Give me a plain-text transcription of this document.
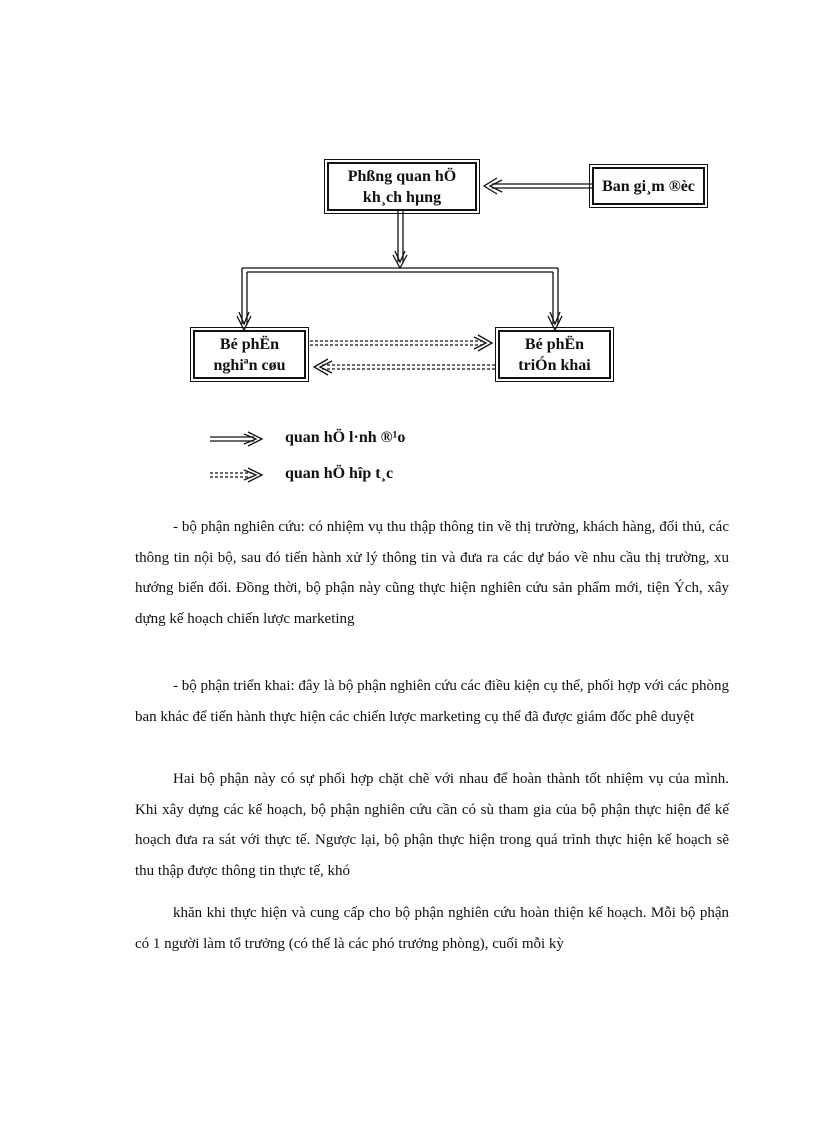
Phßng quan hÖ
kh¸ch hµng
Ban gi¸m ®èc
Bé phËn
nghiªn cøu
Bé phËn
triÓn khai
quan hÖ l·nh ®¹o
quan hÖ hîp t¸c

- bộ phận nghiên cứu: có nhiệm vụ thu thập thông tin về thị trường, khách hàng, đối thủ, các thông tin nội bộ, sau đó tiến hành xử lý thông tin và đưa ra các dự báo về nhu cầu thị trường, xu hướng biến đổi. Đồng thời, bộ phận này cũng thực hiện nghiên cứu sản phẩm mới, tiện Ých, xây dựng kế hoạch chiến lược marketing

- bộ phận triển khai: đây là bộ phận nghiên cứu các điều kiện cụ thể, phối hợp với các phòng ban khác để tiến hành thực hiện các chiến lược marketing cụ thể đã được giám đốc phê duyệt

Hai bộ phận này có sự phối hợp chặt chẽ với nhau để hoàn thành tốt nhiệm vụ của mình. Khi xây dựng các kế hoạch, bộ phận nghiên cứu cần có sù tham gia của bộ phận thực hiện để kế hoạch đưa ra sát với thực tế. Ngược lại, bộ phận thực hiện trong quá trình thực hiện kế hoạch sẽ thu thập được thông tin thực tế, khó

khăn khi thực hiện và cung cấp cho bộ phận nghiên cứu hoàn thiện kế hoạch. Mỗi bộ phận có 1 người làm tổ trưởng (có thể là các phó trưởng phòng), cuối mỗi kỳ
